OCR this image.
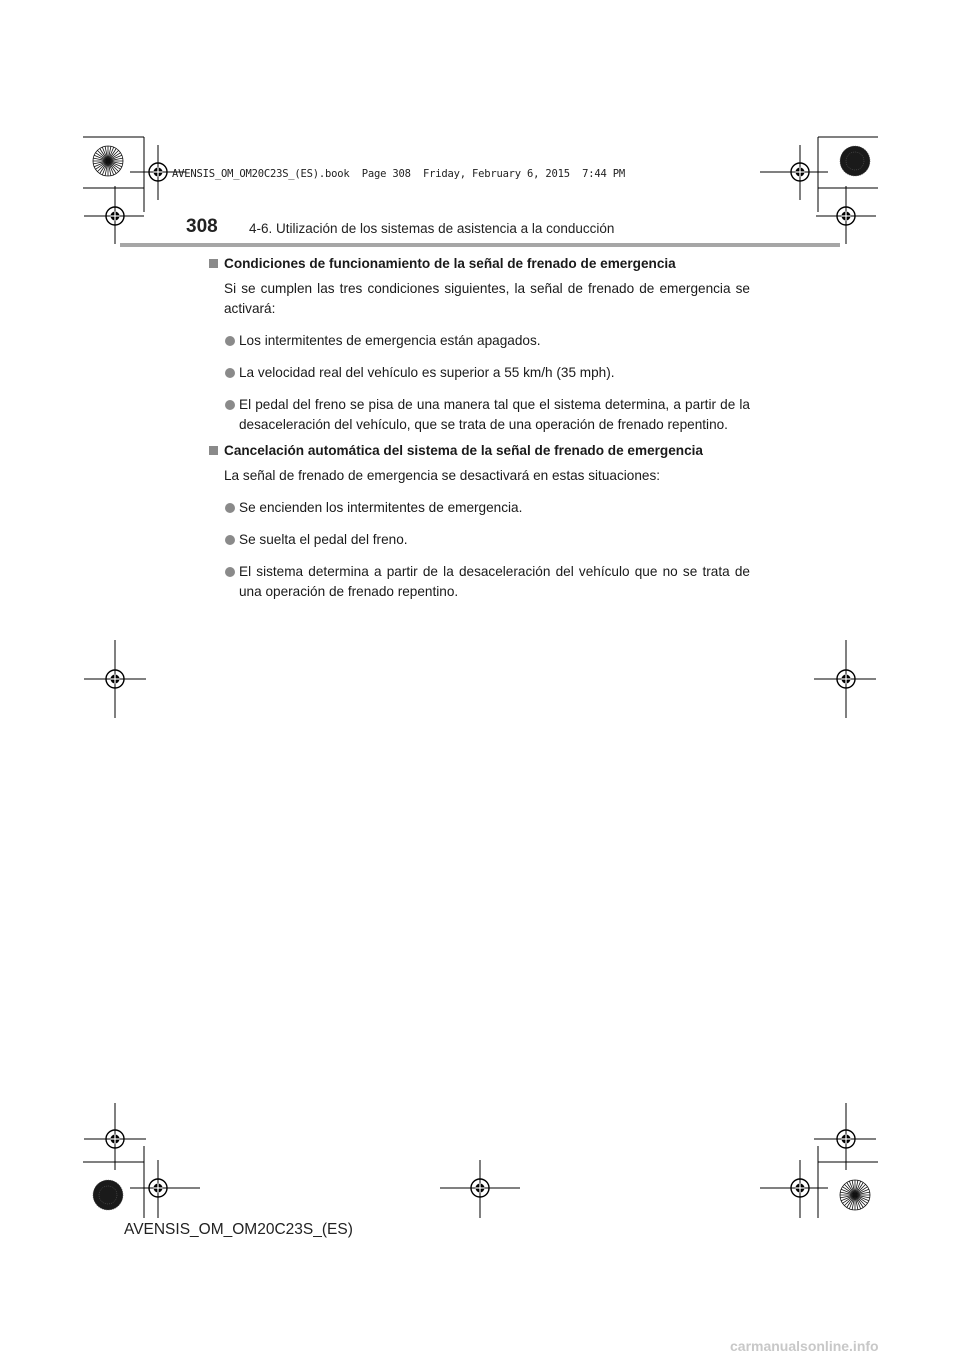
AVENSIS_OM_OM20C23S_(ES).book  Page 308  Friday, February 6, 2015  7:44 PM
308 4-6. Utilización de los sistemas de asistencia a la conducción
Condiciones de funcionamiento de la señal de frenado de emergencia
Si se cumplen las tres condiciones siguientes, la señal de frenado de emergencia se activará:
Los intermitentes de emergencia están apagados.
La velocidad real del vehículo es superior a 55 km/h (35 mph).
El pedal del freno se pisa de una manera tal que el sistema determina, a partir de la desaceleración del vehículo, que se trata de una operación de frenado repentino.
Cancelación automática del sistema de la señal de frenado de emergencia
La señal de frenado de emergencia se desactivará en estas situaciones:
Se encienden los intermitentes de emergencia.
Se suelta el pedal del freno.
El sistema determina a partir de la desaceleración del vehículo que no se trata de una operación de frenado repentino.
AVENSIS_OM_OM20C23S_(ES)
carmanualsonline.info
